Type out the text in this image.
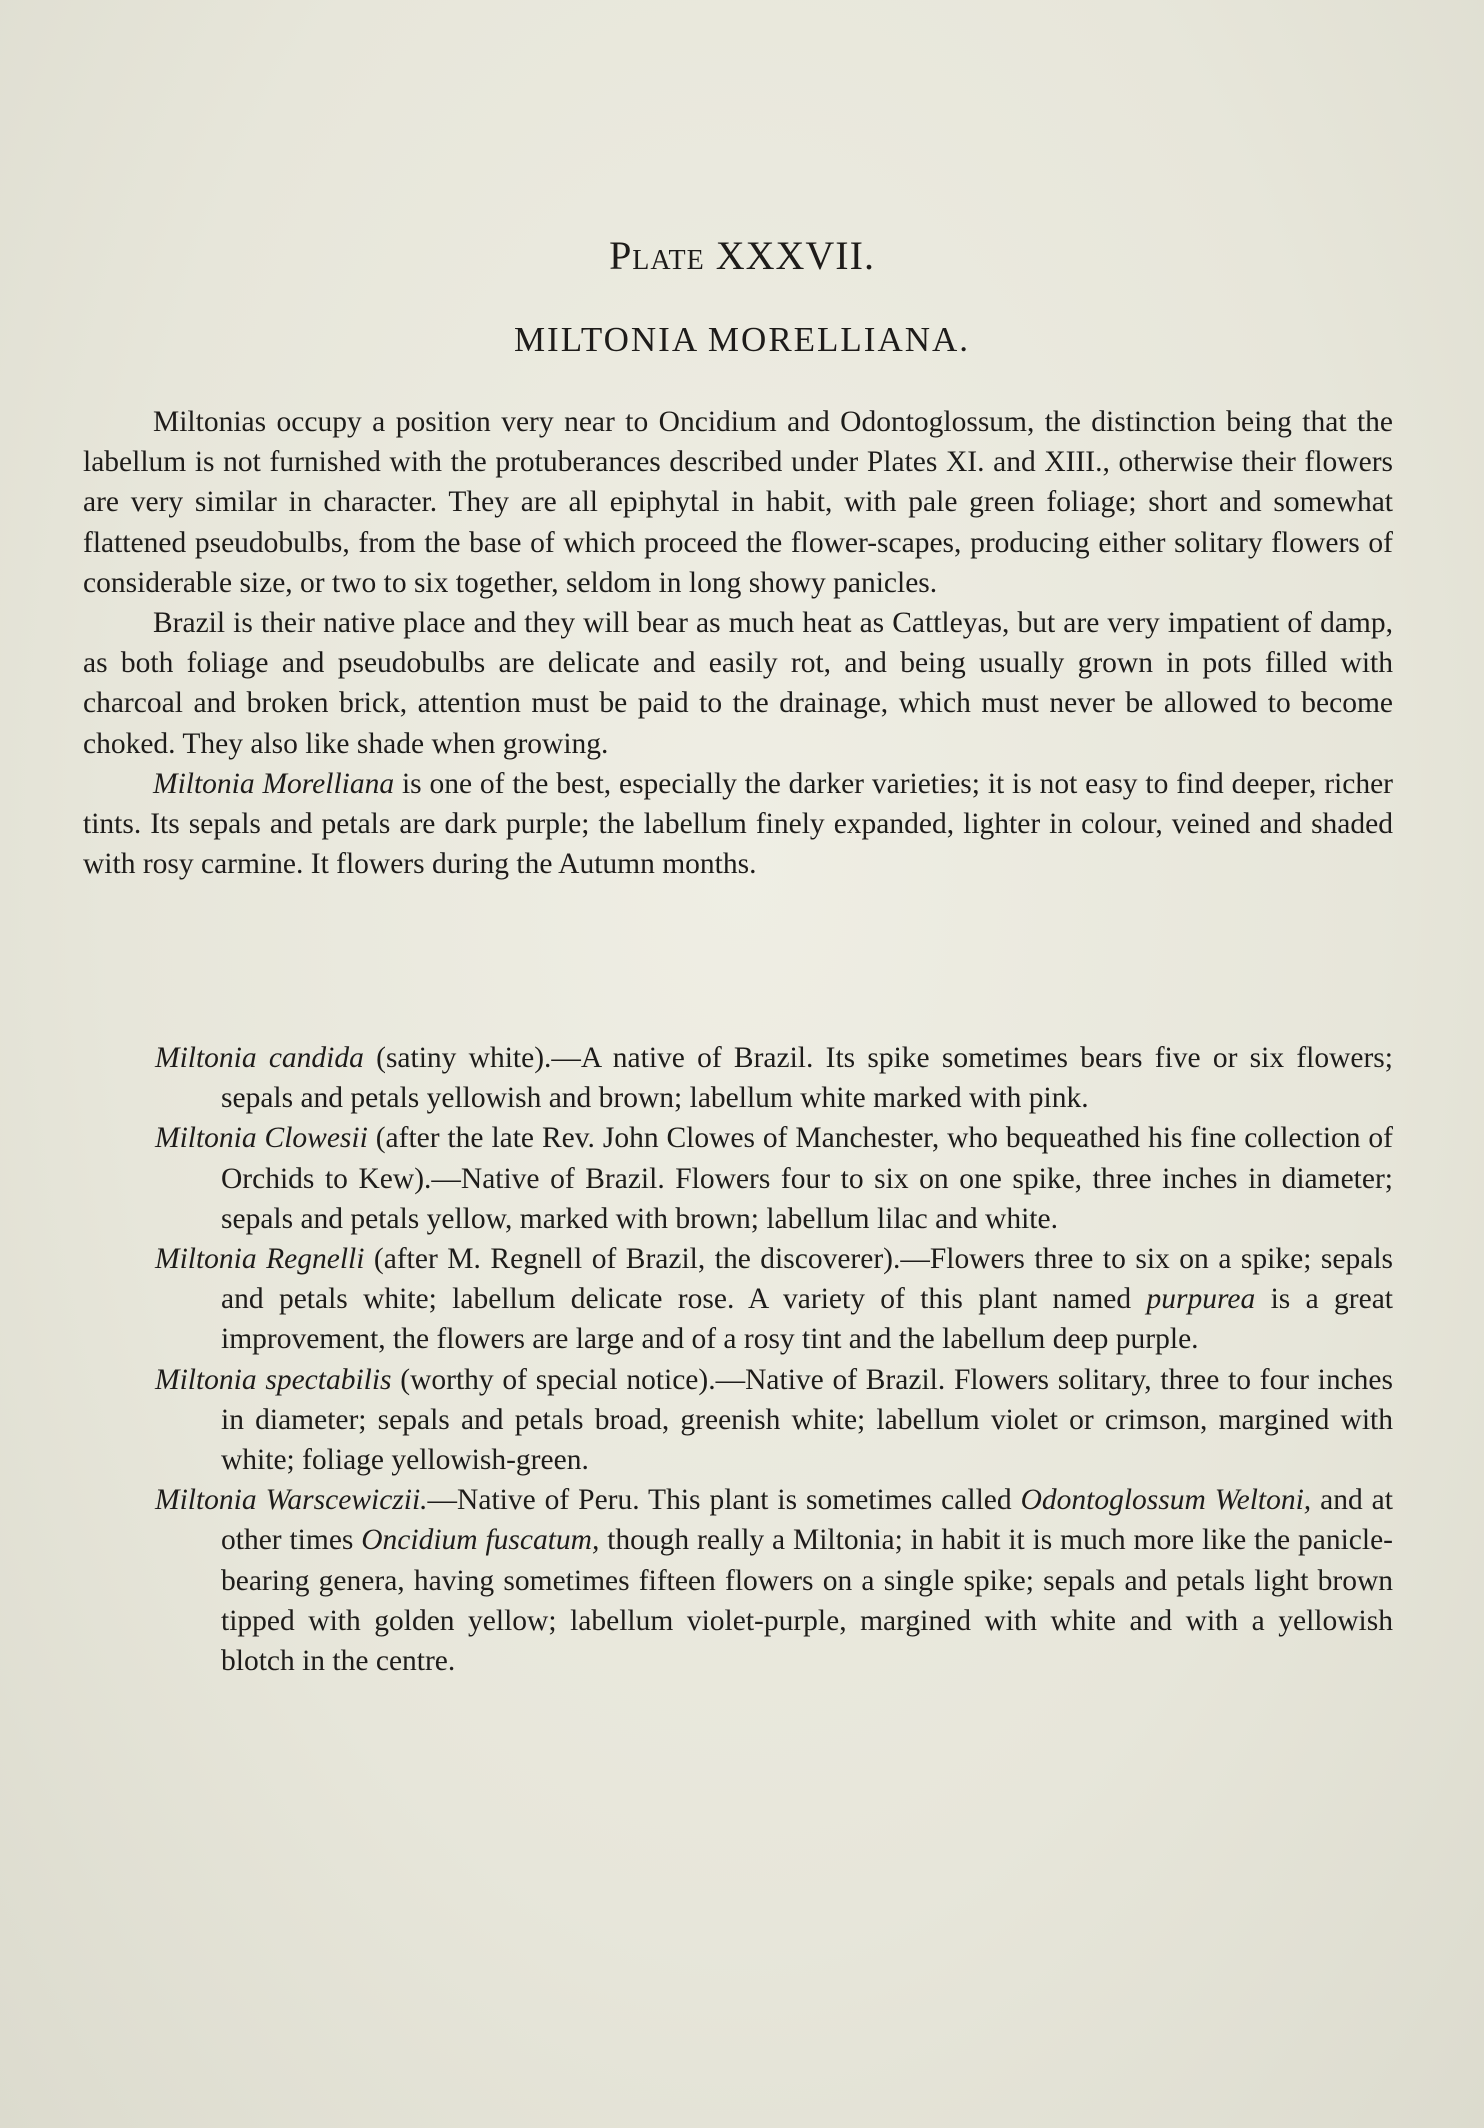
Plate XXXVII.
MILTONIA MORELLIANA.

Miltonias occupy a position very near to Oncidium and Odontoglossum, the distinction being that the labellum is not furnished with the protuberances described under Plates XI. and XIII., otherwise their flowers are very similar in character. They are all epiphytal in habit, with pale green foliage; short and somewhat flattened pseudobulbs, from the base of which proceed the flower-scapes, producing either solitary flowers of considerable size, or two to six together, seldom in long showy panicles.

Brazil is their native place and they will bear as much heat as Cattleyas, but are very impatient of damp, as both foliage and pseudobulbs are delicate and easily rot, and being usually grown in pots filled with charcoal and broken brick, attention must be paid to the drainage, which must never be allowed to become choked. They also like shade when growing.

Miltonia Morelliana is one of the best, especially the darker varieties; it is not easy to find deeper, richer tints. Its sepals and petals are dark purple; the labellum finely expanded, lighter in colour, veined and shaded with rosy carmine. It flowers during the Autumn months.

Miltonia candida (satiny white).—A native of Brazil. Its spike sometimes bears five or six flowers; sepals and petals yellowish and brown; labellum white marked with pink.

Miltonia Clowesii (after the late Rev. John Clowes of Manchester, who bequeathed his fine collection of Orchids to Kew).—Native of Brazil. Flowers four to six on one spike, three inches in diameter; sepals and petals yellow, marked with brown; labellum lilac and white.

Miltonia Regnelli (after M. Regnell of Brazil, the discoverer).—Flowers three to six on a spike; sepals and petals white; labellum delicate rose. A variety of this plant named purpurea is a great improvement, the flowers are large and of a rosy tint and the labellum deep purple.

Miltonia spectabilis (worthy of special notice).—Native of Brazil. Flowers solitary, three to four inches in diameter; sepals and petals broad, greenish white; labellum violet or crimson, margined with white; foliage yellowish-green.

Miltonia Warscewiczii.—Native of Peru. This plant is sometimes called Odontoglossum Weltoni, and at other times Oncidium fuscatum, though really a Miltonia; in habit it is much more like the panicle-bearing genera, having sometimes fifteen flowers on a single spike; sepals and petals light brown tipped with golden yellow; labellum violet-purple, margined with white and with a yellowish blotch in the centre.
